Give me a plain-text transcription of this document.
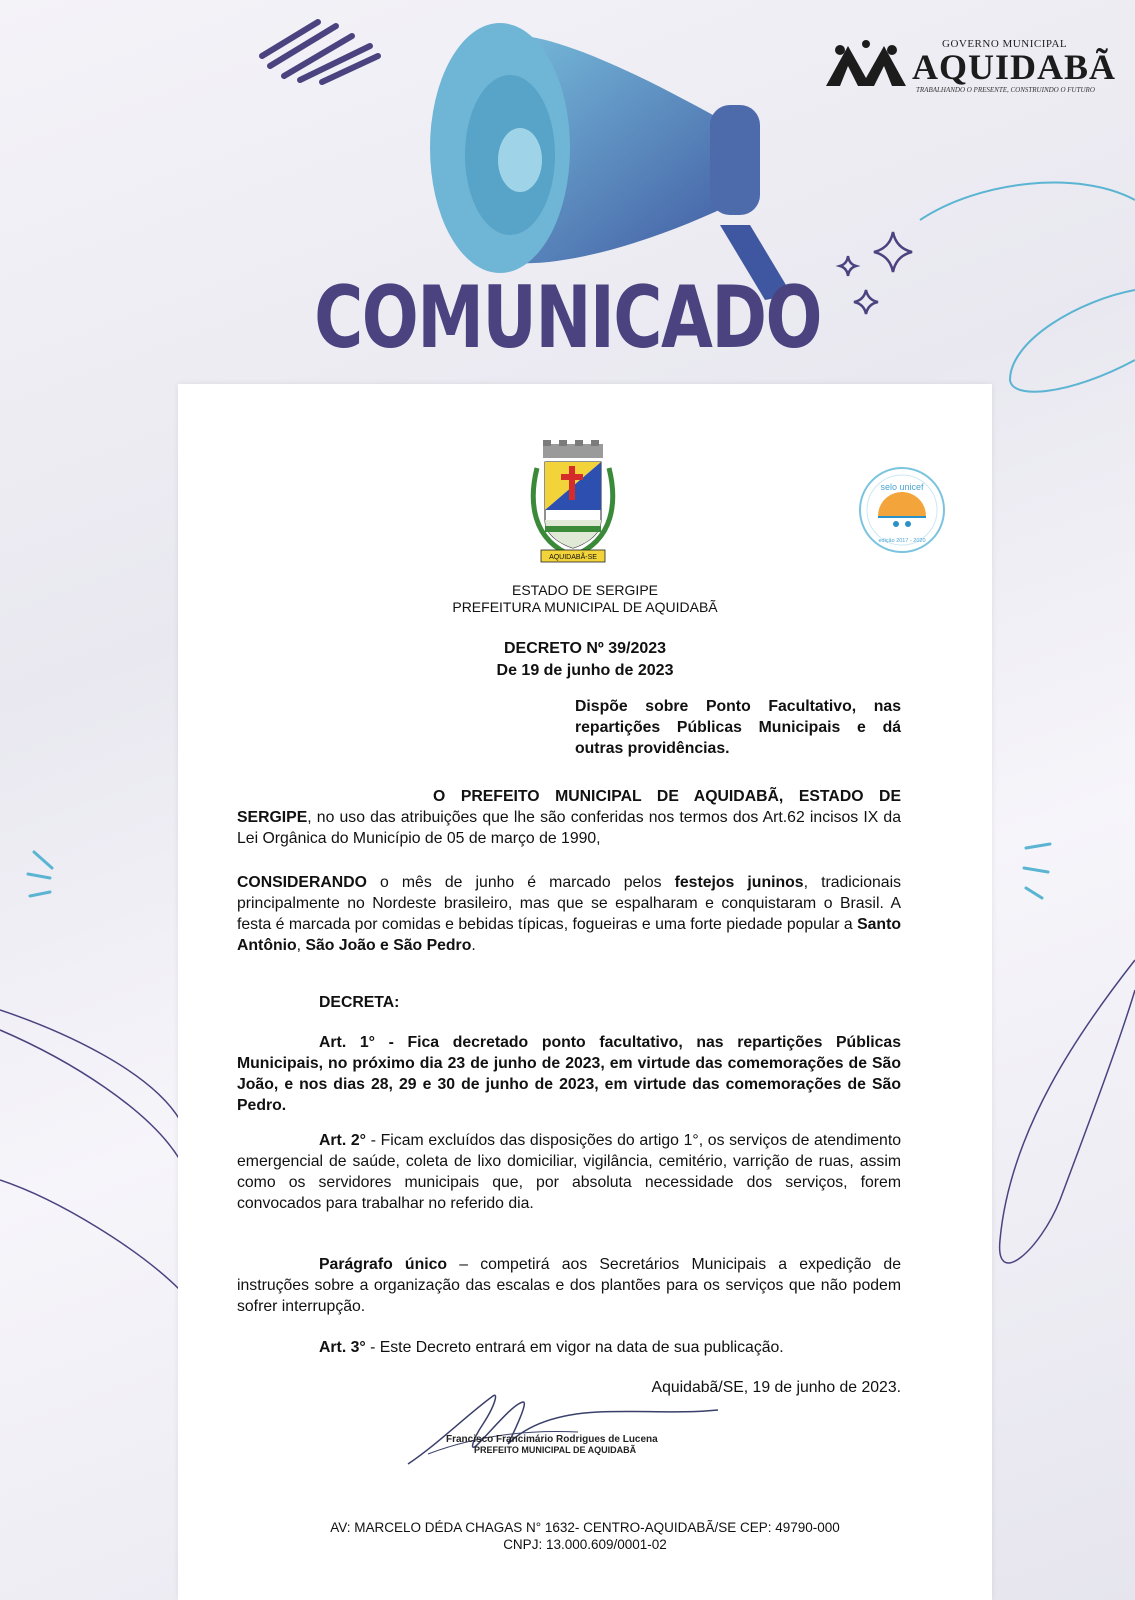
GOVERNO MUNICIPAL
AQUIDABÃ
TRABALHANDO O PRESENTE, CONSTRUINDO O FUTURO
COMUNICADO
AQUIDABÃ-SE
selo unicef
edição 2017 - 2020
ESTADO DE SERGIPE
PREFEITURA MUNICIPAL DE AQUIDABÃ
DECRETO Nº 39/2023
De 19 de junho de 2023
Dispõe sobre Ponto Facultativo, nas repartições Públicas Municipais e dá outras providências.
O PREFEITO MUNICIPAL DE AQUIDABÃ, ESTADO DE SERGIPE, no uso das atribuições que lhe são conferidas nos termos dos Art.62 incisos IX da Lei Orgânica do Município de 05 de março de 1990,
CONSIDERANDO o mês de junho é marcado pelos festejos juninos, tradicionais principalmente no Nordeste brasileiro, mas que se espalharam e conquistaram o Brasil. A festa é marcada por comidas e bebidas típicas, fogueiras e uma forte piedade popular a Santo Antônio, São João e São Pedro.
DECRETA:
Art. 1° - Fica decretado ponto facultativo, nas repartições Públicas Municipais, no próximo dia 23 de junho de 2023, em virtude das comemorações de São João, e nos dias 28, 29 e 30 de junho de 2023, em virtude das comemorações de São Pedro.
Art. 2° - Ficam excluídos das disposições do artigo 1°, os serviços de atendimento emergencial de saúde, coleta de lixo domiciliar, vigilância, cemitério, varrição de ruas, assim como os servidores municipais que, por absoluta necessidade dos serviços, forem convocados para trabalhar no referido dia.
Parágrafo único – competirá aos Secretários Municipais a expedição de instruções sobre a organização das escalas e dos plantões para os serviços que não podem sofrer interrupção.
Art. 3° - Este Decreto entrará em vigor na data de sua publicação.
Aquidabã/SE, 19 de junho de 2023.
Francisco Francimário Rodrigues de Lucena
PREFEITO MUNICIPAL DE AQUIDABÃ
AV: MARCELO DÉDA CHAGAS N° 1632- CENTRO-AQUIDABÃ/SE CEP: 49790-000
CNPJ: 13.000.609/0001-02
